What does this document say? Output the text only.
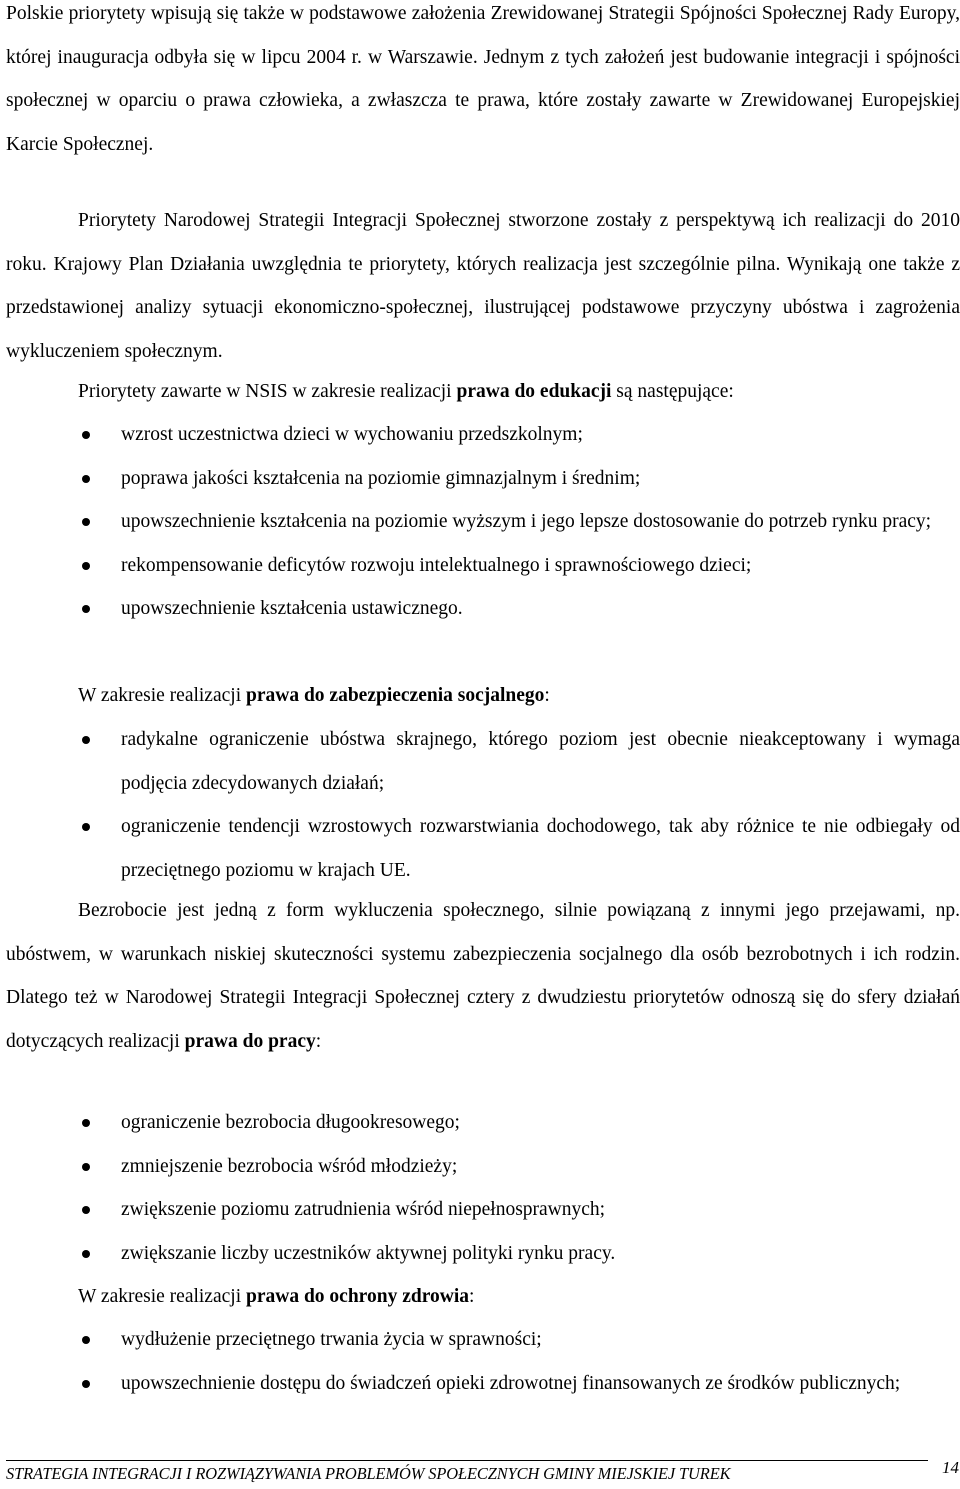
Polskie priorytety wpisują się także w podstawowe założenia Zrewidowanej Strategii Spójności Społecznej Rady Europy, której inauguracja odbyła się w lipcu 2004 r. w Warszawie. Jednym z tych założeń jest budowanie integracji i spójności społecznej w oparciu o prawa człowieka, a zwłaszcza te prawa, które zostały zawarte w Zrewidowanej Europejskiej Karcie Społecznej.

Priorytety Narodowej Strategii Integracji Społecznej stworzone zostały z perspektywą ich realizacji do 2010 roku. Krajowy Plan Działania uwzględnia te priorytety, których realizacja jest szczególnie pilna. Wynikają one także z przedstawionej analizy sytuacji ekonomiczno-społecznej, ilustrującej podstawowe przyczyny ubóstwa i zagrożenia wykluczeniem społecznym.

Priorytety zawarte w NSIS w zakresie realizacji prawa do edukacji są następujące:

wzrost uczestnictwa dzieci w wychowaniu przedszkolnym;
poprawa jakości kształcenia na poziomie gimnazjalnym i średnim;
upowszechnienie kształcenia na poziomie wyższym i jego lepsze dostosowanie do potrzeb rynku pracy;
rekompensowanie deficytów rozwoju intelektualnego i sprawnościowego dzieci;
upowszechnienie kształcenia ustawicznego.

W zakresie realizacji prawa do zabezpieczenia socjalnego:

radykalne ograniczenie ubóstwa skrajnego, którego poziom jest obecnie nieakceptowany i wymaga podjęcia zdecydowanych działań;
ograniczenie tendencji wzrostowych rozwarstwiania dochodowego, tak aby różnice te nie odbiegały od przeciętnego poziomu w krajach UE.

Bezrobocie jest jedną z form wykluczenia społecznego, silnie powiązaną z innymi jego przejawami, np. ubóstwem, w warunkach niskiej skuteczności systemu zabezpieczenia socjalnego dla osób bezrobotnych i ich rodzin. Dlatego też w Narodowej Strategii Integracji Społecznej cztery z dwudziestu priorytetów odnoszą się do sfery działań dotyczących realizacji prawa do pracy:

ograniczenie bezrobocia długookresowego;
zmniejszenie bezrobocia wśród młodzieży;
zwiększenie poziomu zatrudnienia wśród niepełnosprawnych;
zwiększanie liczby uczestników aktywnej polityki rynku pracy.

W zakresie realizacji prawa do ochrony zdrowia:

wydłużenie przeciętnego trwania życia w sprawności;
upowszechnienie dostępu do świadczeń opieki zdrowotnej finansowanych ze środków publicznych;
STRATEGIA INTEGRACJI I ROZWIĄZYWANIA PROBLEMÓW SPOŁECZNYCH GMINY MIEJSKIEJ TUREK	14
